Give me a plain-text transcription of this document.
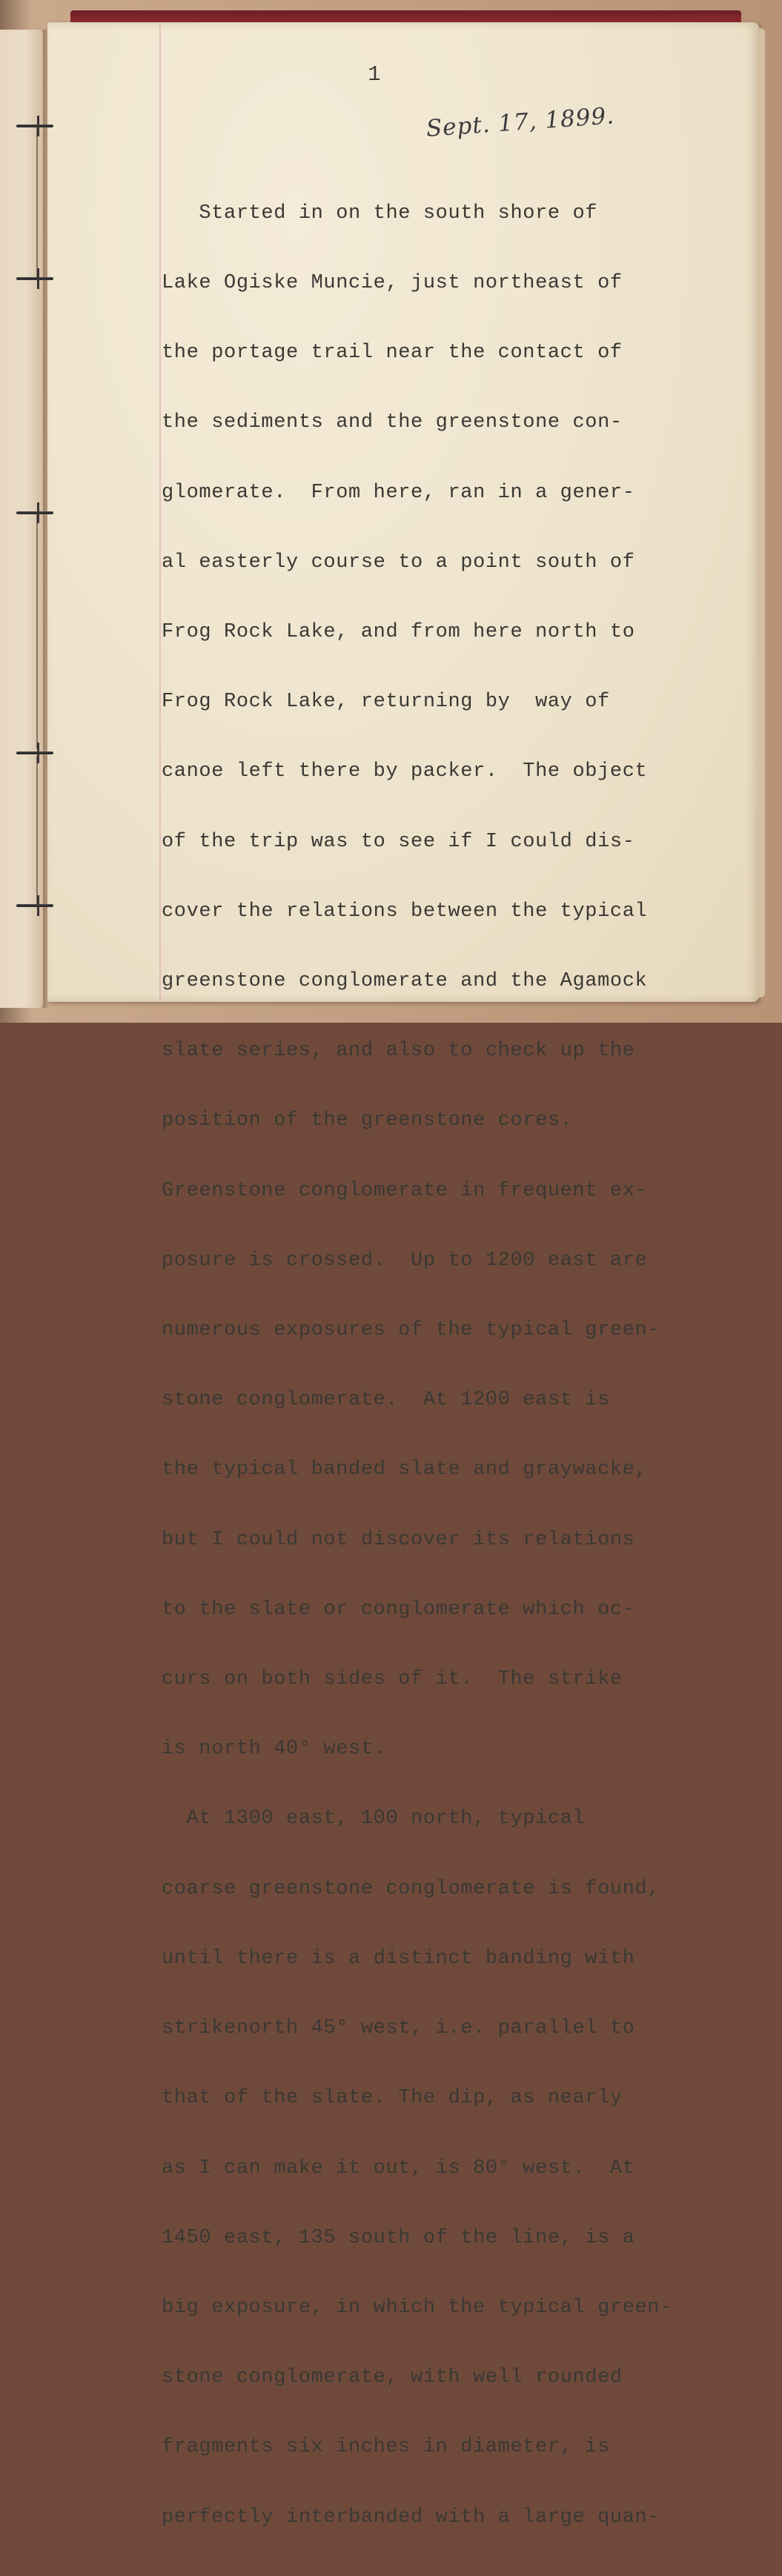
1
Sept. 17, 1899.

Started in on the south shore of

Lake Ogiske Muncie, just northeast of

the portage trail near the contact of

the sediments and the greenstone con-

glomerate.  From here, ran in a gener-

al easterly course to a point south of

Frog Rock Lake, and from here north to

Frog Rock Lake, returning by  way of

canoe left there by packer.  The object

of the trip was to see if I could dis-

cover the relations between the typical

greenstone conglomerate and the Agamock

slate series, and also to check up the

position of the greenstone cores.

Greenstone conglomerate in frequent ex-

posure is crossed.  Up to 1200 east are

numerous exposures of the typical green-

stone conglomerate.  At 1200 east is

the typical banded slate and graywacke,

but I could not discover its relations

to the slate or conglomerate which oc-

curs on both sides of it.  The strike

is north 40° west.

At 1300 east, 100 north, typical

coarse greenstone conglomerate is found,

until there is a distinct banding with

strikenorth 45° west, i.e. parallel to

that of the slate. The dip, as nearly

as I can make it out, is 80° west.  At

1450 east, 135 south of the line, is a

big exposure, in which the typical green-

stone conglomerate, with well rounded

fragments six inches in diameter, is

perfectly interbanded with a large quan-
